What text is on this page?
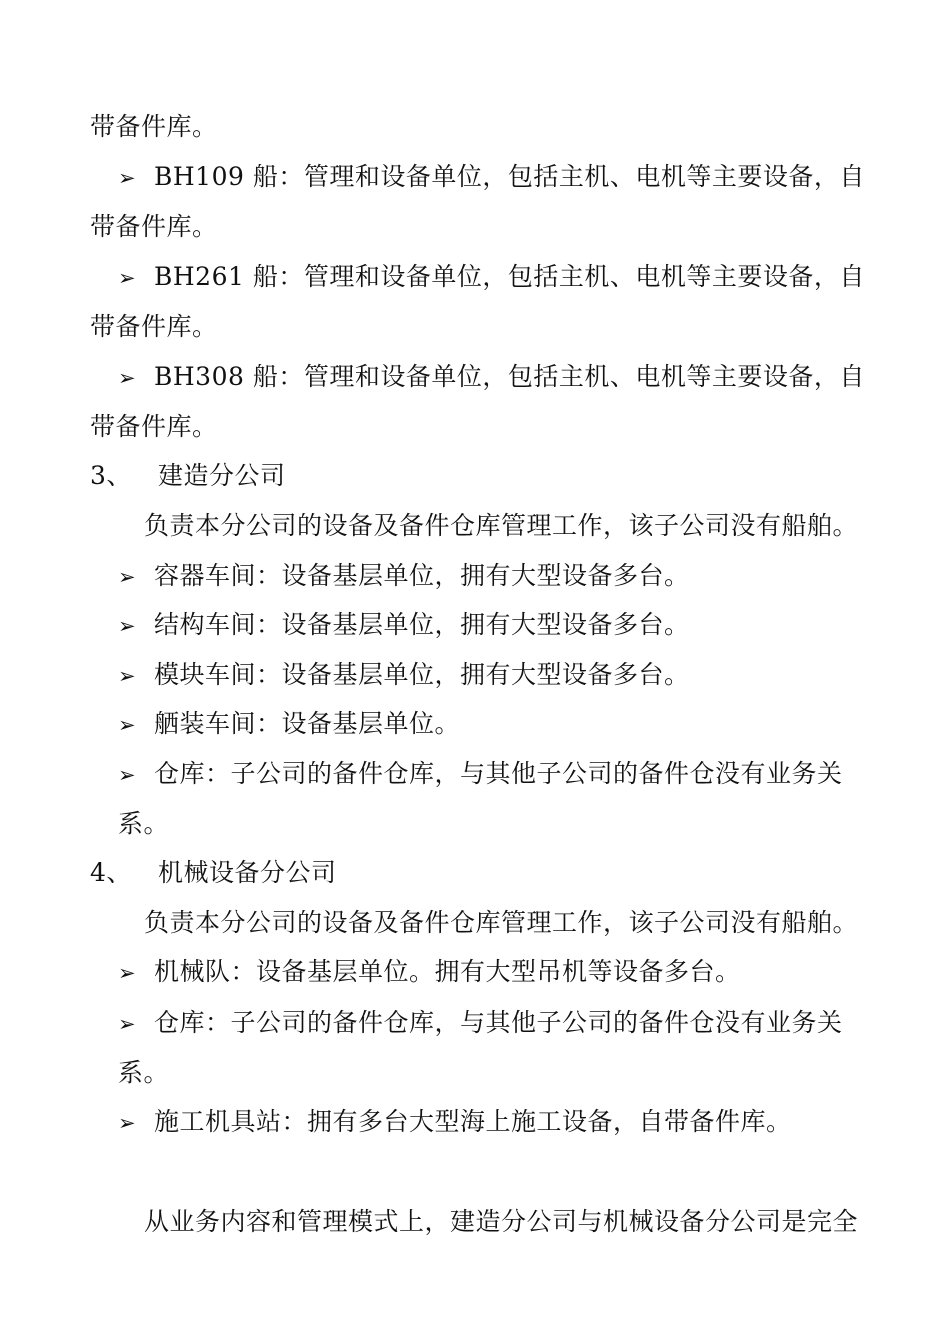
带备件库。
➢ BH109 船：管理和设备单位，包括主机、电机等主要设备，自
带备件库。
➢ BH261 船：管理和设备单位，包括主机、电机等主要设备，自
带备件库。
➢ BH308 船：管理和设备单位，包括主机、电机等主要设备，自
带备件库。
3、 建造分公司
负责本分公司的设备及备件仓库管理工作，该子公司没有船舶。
➢ 容器车间：设备基层单位，拥有大型设备多台。
➢ 结构车间：设备基层单位，拥有大型设备多台。
➢ 模块车间：设备基层单位，拥有大型设备多台。
➢ 舾装车间：设备基层单位。
➢ 仓库：子公司的备件仓库，与其他子公司的备件仓没有业务关
系。
4、 机械设备分公司
负责本分公司的设备及备件仓库管理工作，该子公司没有船舶。
➢ 机械队：设备基层单位。拥有大型吊机等设备多台。
➢ 仓库：子公司的备件仓库，与其他子公司的备件仓没有业务关
系。
➢ 施工机具站：拥有多台大型海上施工设备，自带备件库。
从业务内容和管理模式上，建造分公司与机械设备分公司是完全
